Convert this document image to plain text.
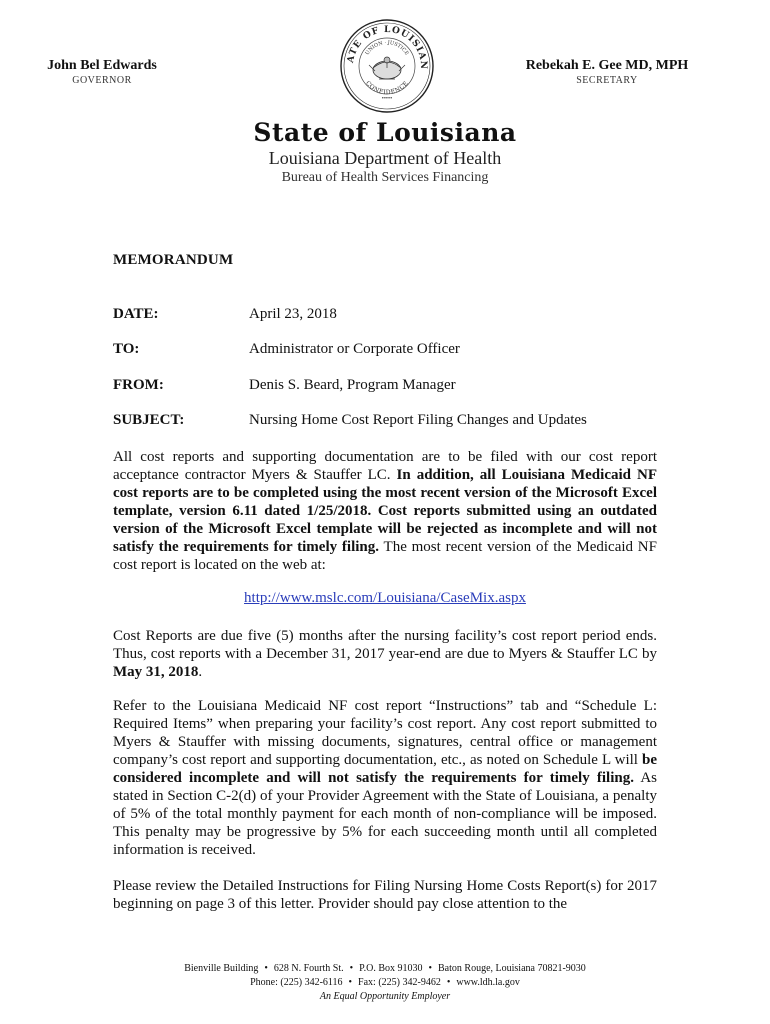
John Bel Edwards
GOVERNOR
ATE OF LOUISIAN
UNION · JUSTICE
CONFIDENCE
•••••
Rebekah E. Gee MD, MPH
SECRETARY
State of Louisiana
Louisiana Department of Health
Bureau of Health Services Financing
MEMORANDUM
DATE:	April 23, 2018
TO:	Administrator or Corporate Officer
FROM:	Denis S. Beard, Program Manager
SUBJECT:	Nursing Home Cost Report Filing Changes and Updates
All cost reports and supporting documentation are to be filed with our cost report acceptance contractor Myers & Stauffer LC. In addition, all Louisiana Medicaid NF cost reports are to be completed using the most recent version of the Microsoft Excel template, version 6.11 dated 1/25/2018. Cost reports submitted using an outdated version of the Microsoft Excel template will be rejected as incomplete and will not satisfy the requirements for timely filing. The most recent version of the Medicaid NF cost report is located on the web at:
http://www.mslc.com/Louisiana/CaseMix.aspx
Cost Reports are due five (5) months after the nursing facility’s cost report period ends. Thus, cost reports with a December 31, 2017 year-end are due to Myers & Stauffer LC by May 31, 2018.
Refer to the Louisiana Medicaid NF cost report “Instructions” tab and “Schedule L: Required Items” when preparing your facility’s cost report. Any cost report submitted to Myers & Stauffer with missing documents, signatures, central office or management company’s cost report and supporting documentation, etc., as noted on Schedule L will be considered incomplete and will not satisfy the requirements for timely filing. As stated in Section C-2(d) of your Provider Agreement with the State of Louisiana, a penalty of 5% of the total monthly payment for each month of non-compliance will be imposed. This penalty may be progressive by 5% for each succeeding month until all completed information is received.
Please review the Detailed Instructions for Filing Nursing Home Costs Report(s) for 2017 beginning on page 3 of this letter. Provider should pay close attention to the
Bienville Building • 628 N. Fourth St. • P.O. Box 91030 • Baton Rouge, Louisiana 70821-9030
Phone: (225) 342-6116 • Fax: (225) 342-9462 • www.ldh.la.gov
An Equal Opportunity Employer
